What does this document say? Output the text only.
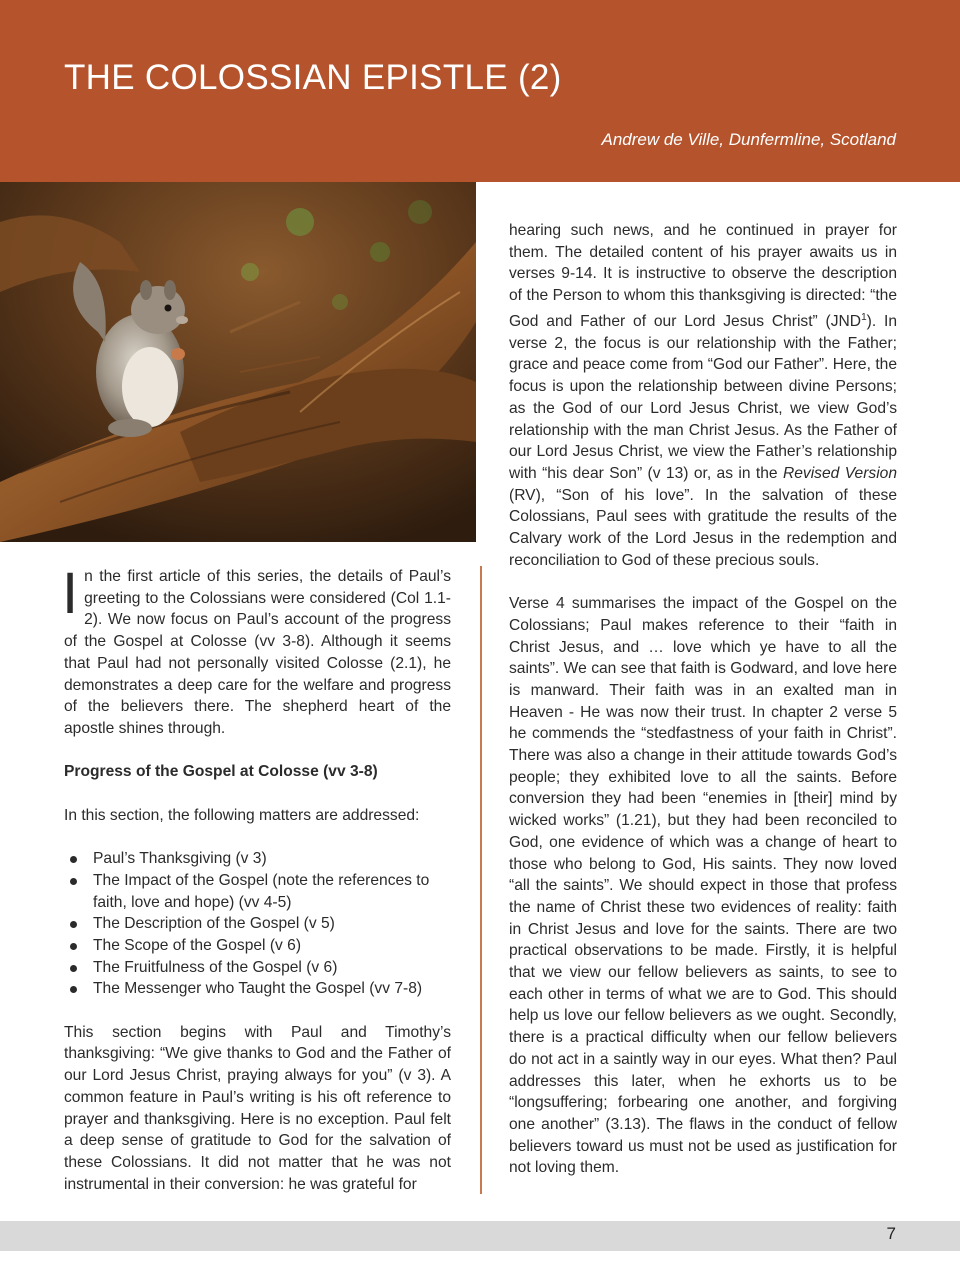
THE COLOSSIAN EPISTLE (2)
Andrew de Ville, Dunfermline, Scotland

In the first article of this series, the details of Paul’s greeting to the Colossians were considered (Col 1.1-2). We now focus on Paul’s account of the progress of the Gospel at Colosse (vv 3-8). Although it seems that Paul had not personally visited Colosse (2.1), he demonstrates a deep care for the welfare and progress of the believers there. The shepherd heart of the apostle shines through.

Progress of the Gospel at Colosse (vv 3-8)

In this section, the following matters are addressed:

Paul’s Thanksgiving (v 3)
The Impact of the Gospel (note the references to faith, love and hope) (vv 4-5)
The Description of the Gospel (v 5)
The Scope of the Gospel (v 6)
The Fruitfulness of the Gospel (v 6)
The Messenger who Taught the Gospel (vv 7-8)

This section begins with Paul and Timothy’s thanksgiving: “We give thanks to God and the Father of our Lord Jesus Christ, praying always for you” (v 3). A common feature in Paul’s writing is his oft reference to prayer and thanksgiving. Here is no exception. Paul felt a deep sense of gratitude to God for the salvation of these Colossians. It did not matter that he was not instrumental in their conversion: he was grateful for

hearing such news, and he continued in prayer for them. The detailed content of his prayer awaits us in verses 9-14. It is instructive to observe the description of the Person to whom this thanksgiving is directed: “the God and Father of our Lord Jesus Christ” (JND$^1$). In verse 2, the focus is our relationship with the Father; grace and peace come from “God our Father”. Here, the focus is upon the relationship between divine Persons; as the God of our Lord Jesus Christ, we view God’s relationship with the man Christ Jesus. As the Father of our Lord Jesus Christ, we view the Father’s relationship with “his dear Son” (v 13) or, as in the Revised Version (RV), “Son of his love”. In the salvation of these Colossians, Paul sees with gratitude the results of the Calvary work of the Lord Jesus in the redemption and reconciliation to God of these precious souls.

Verse 4 summarises the impact of the Gospel on the Colossians; Paul makes reference to their “faith in Christ Jesus, and … love which ye have to all the saints”. We can see that faith is Godward, and love here is manward. Their faith was in an exalted man in Heaven - He was now their trust. In chapter 2 verse 5 he commends the “stedfastness of your faith in Christ”. There was also a change in their attitude towards God’s people; they exhibited love to all the saints. Before conversion they had been “enemies in [their] mind by wicked works” (1.21), but they had been reconciled to God, one evidence of which was a change of heart to those who belong to God, His saints. They now loved “all the saints”. We should expect in those that profess the name of Christ these two evidences of reality: faith in Christ Jesus and love for the saints. There are two practical observations to be made. Firstly, it is helpful that we view our fellow believers as saints, to see to each other in terms of what we are to God. This should help us love our fellow believers as we ought. Secondly, there is a practical difficulty when our fellow believers do not act in a saintly way in our eyes. What then? Paul addresses this later, when he exhorts us to be “longsuffering; forbearing one another, and forgiving one another” (3.13). The flaws in the conduct of fellow believers toward us must not be used as justification for not loving them.

7
